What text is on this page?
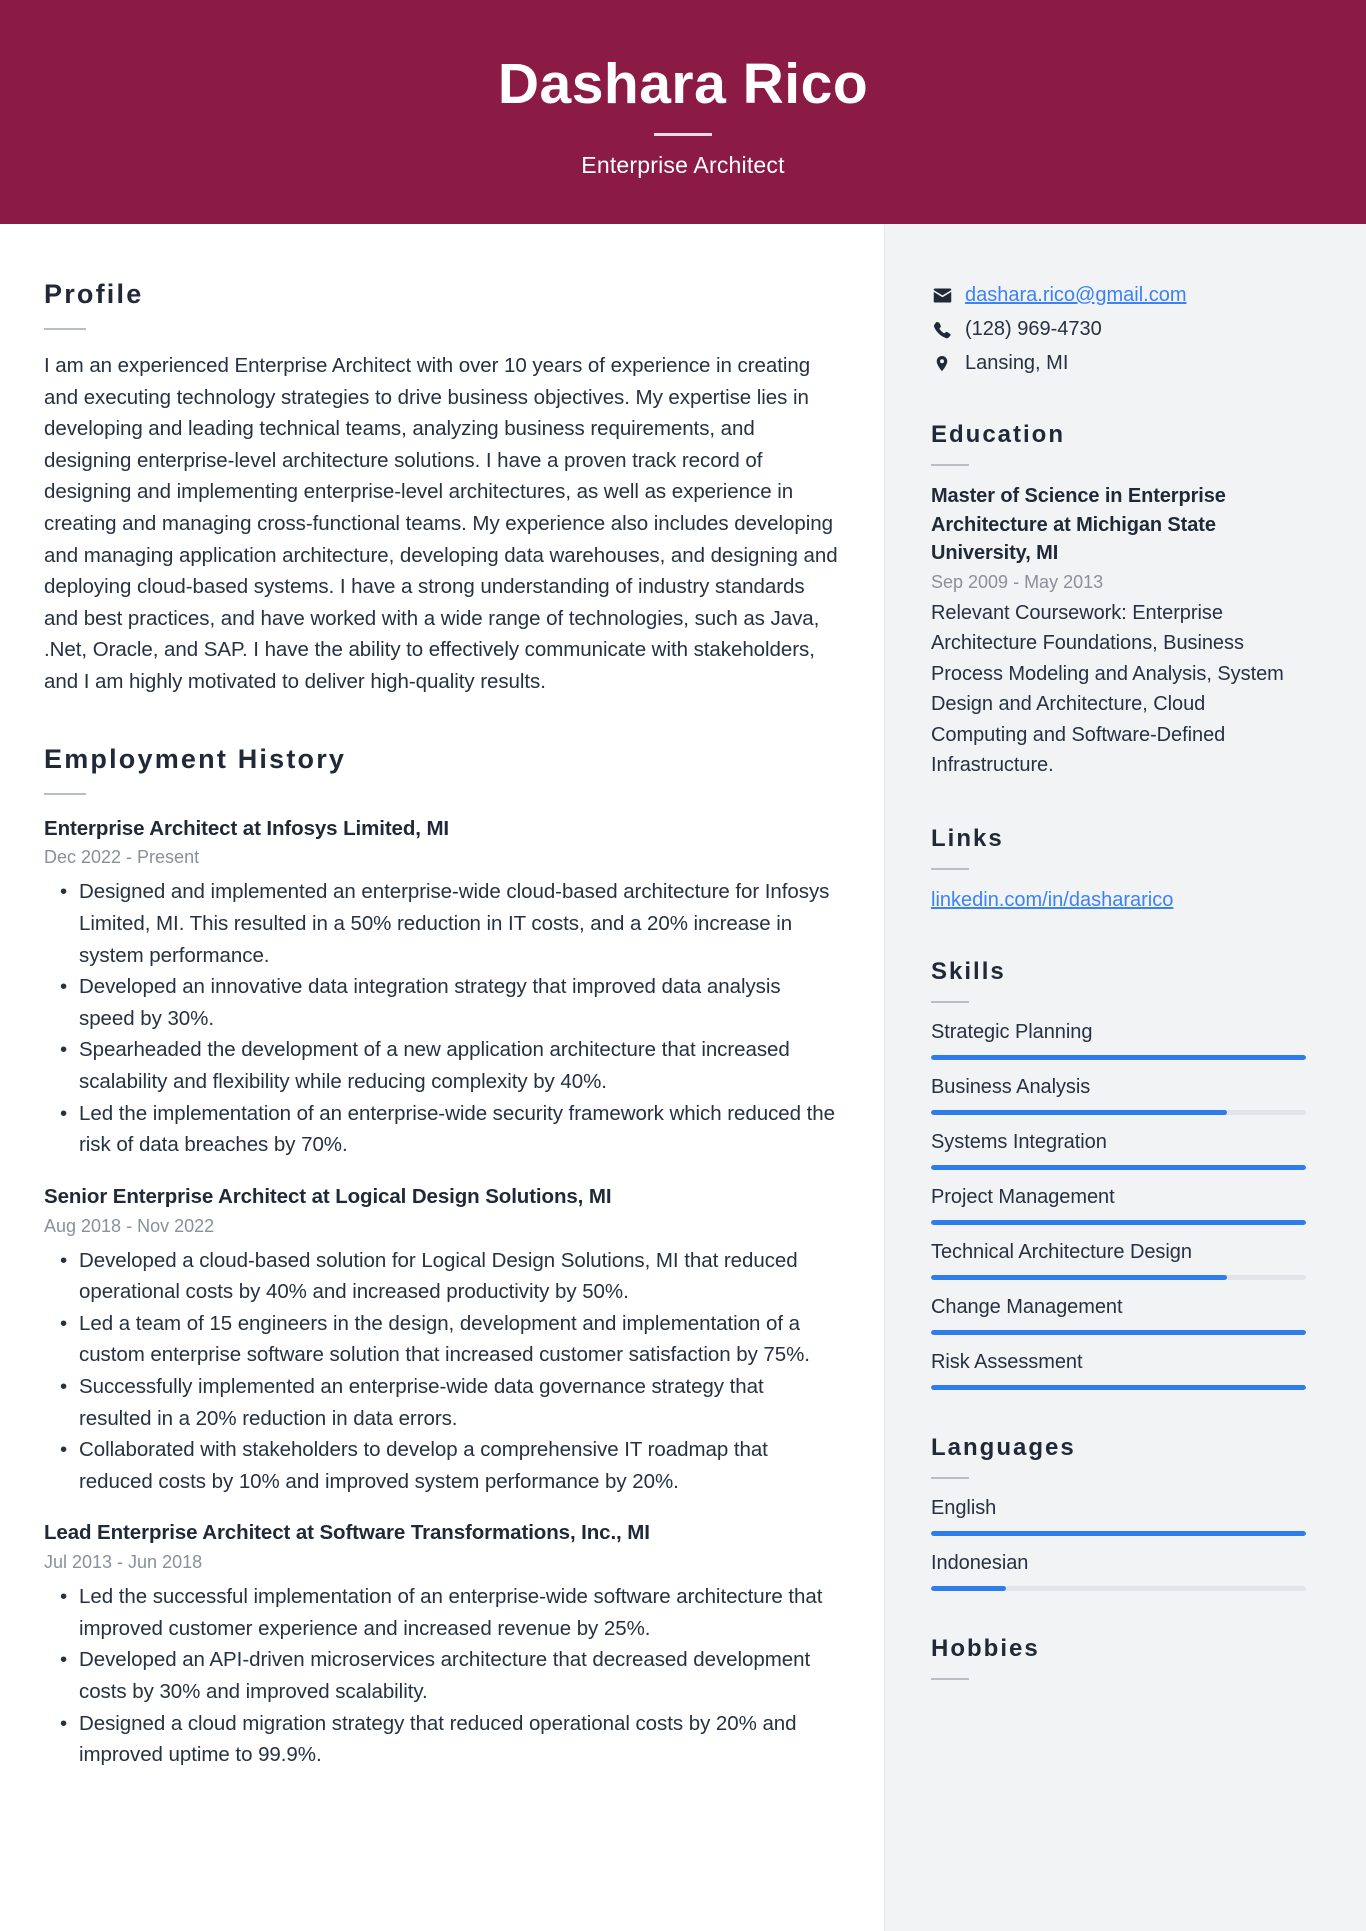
Dashara Rico
Enterprise Architect
Profile
I am an experienced Enterprise Architect with over 10 years of experience in creating and executing technology strategies to drive business objectives. My expertise lies in developing and leading technical teams, analyzing business requirements, and designing enterprise-level architecture solutions. I have a proven track record of designing and implementing enterprise-level architectures, as well as experience in creating and managing cross-functional teams. My experience also includes developing and managing application architecture, developing data warehouses, and designing and deploying cloud-based systems. I have a strong understanding of industry standards and best practices, and have worked with a wide range of technologies, such as Java, .Net, Oracle, and SAP. I have the ability to effectively communicate with stakeholders, and I am highly motivated to deliver high-quality results.
Employment History
Enterprise Architect at Infosys Limited, MI
Dec 2022 - Present
• Designed and implemented an enterprise-wide cloud-based architecture for Infosys Limited, MI. This resulted in a 50% reduction in IT costs, and a 20% increase in system performance.
• Developed an innovative data integration strategy that improved data analysis speed by 30%.
• Spearheaded the development of a new application architecture that increased scalability and flexibility while reducing complexity by 40%.
• Led the implementation of an enterprise-wide security framework which reduced the risk of data breaches by 70%.
Senior Enterprise Architect at Logical Design Solutions, MI
Aug 2018 - Nov 2022
• Developed a cloud-based solution for Logical Design Solutions, MI that reduced operational costs by 40% and increased productivity by 50%.
• Led a team of 15 engineers in the design, development and implementation of a custom enterprise software solution that increased customer satisfaction by 75%.
• Successfully implemented an enterprise-wide data governance strategy that resulted in a 20% reduction in data errors.
• Collaborated with stakeholders to develop a comprehensive IT roadmap that reduced costs by 10% and improved system performance by 20%.
Lead Enterprise Architect at Software Transformations, Inc., MI
Jul 2013 - Jun 2018
• Led the successful implementation of an enterprise-wide software architecture that improved customer experience and increased revenue by 25%.
• Developed an API-driven microservices architecture that decreased development costs by 30% and improved scalability.
• Designed a cloud migration strategy that reduced operational costs by 20% and improved uptime to 99.9%.
dashara.rico@gmail.com
(128) 969-4730
Lansing, MI
Education
Master of Science in Enterprise Architecture at Michigan State University, MI
Sep 2009 - May 2013
Relevant Coursework: Enterprise Architecture Foundations, Business Process Modeling and Analysis, System Design and Architecture, Cloud Computing and Software-Defined Infrastructure.
Links
linkedin.com/in/dashararico
Skills
Strategic Planning
Business Analysis
Systems Integration
Project Management
Technical Architecture Design
Change Management
Risk Assessment
Languages
English
Indonesian
Hobbies
